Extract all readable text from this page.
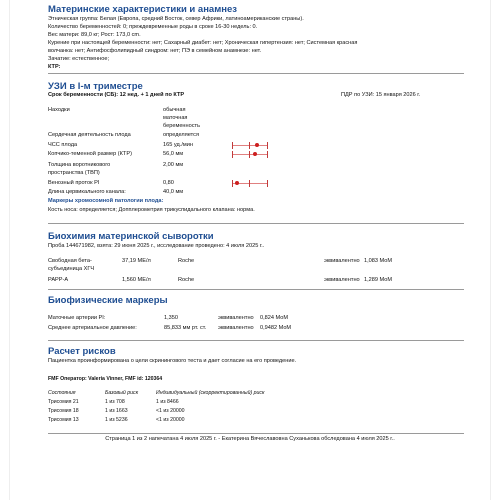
Материнские характеристики и анамнез
Этническая группа: Белая (Европа, средний Восток, север Африки, латиноамериканские страны).
Количество беременностей: 0; преждевременные роды в сроке 16-30 недель: 0.
Вес матери: 89,0 кг; Рост: 173,0 cm.
Курение при настоящей беременности: нет; Сахарный диабет: нет; Хроническая гипертензия: нет; Системная красная
волчанка: нет; Антифосфолипидный синдром: нет; ПЭ в семейном анамнезе: нет.
Зачатие: естественное;
КТР:
УЗИ в I-м триместре
Срок беременности (СБ): 12 нед. + 1 дней по КТР	ПДР по УЗИ: 15 января 2026 г.
Находки	обычная
маточная
беременность
Сердечная деятельность плода	определяется
ЧСС плода	165 уд./мин
Копчико-теменной размер (КТР)	56,0 мм
Толщина воротникового
пространства (ТВП)
2,00 мм
Венозный проток PI	0,80
Длина цервикального канала:	40,0 мм
Маркеры хромосомной патологии плода:
Кость носа: определяется; Допплерометрия трикуспидального клапана: норма.
Биохимия материнской сыворотки
Проба 144671982, взята: 29 июня 2025 г., исследование проведено: 4 июля 2025 г..
Свободная бета-
субъединица ХГЧ
37,19 МЕ/л	Roche	эквивалентно 1,083 MoM
PAPP-A	1,560 МЕ/л	Roche	эквивалентно 1,289 MoM
Биофизические маркеры
Маточные артерии PI:	1,350	эквивалентно 0,824 MoM
Среднее артериальное давление:	85,833 мм рт. ст. эквивалентно 0,9482 MoM
Расчет рисков
Пациентка проинформирована о цели скринингового теста и дает согласие на его проведение.
FMF Оператор: Valeria Vinner, FMF id: 120364
Состояния	Базовый риск	Индивидуальный (скорректированный) риск
Трисомия 21	1 из 708	1 из 8466
Трисомия 18	1 из 1663	<1 из 20000
Трисомия 13	1 из 5236	<1 из 20000
Страница 1 из 2 напечатана 4 июля 2025 г. - Екатерина Вячеславовна Суханькова обследована 4 июля 2025 г..
